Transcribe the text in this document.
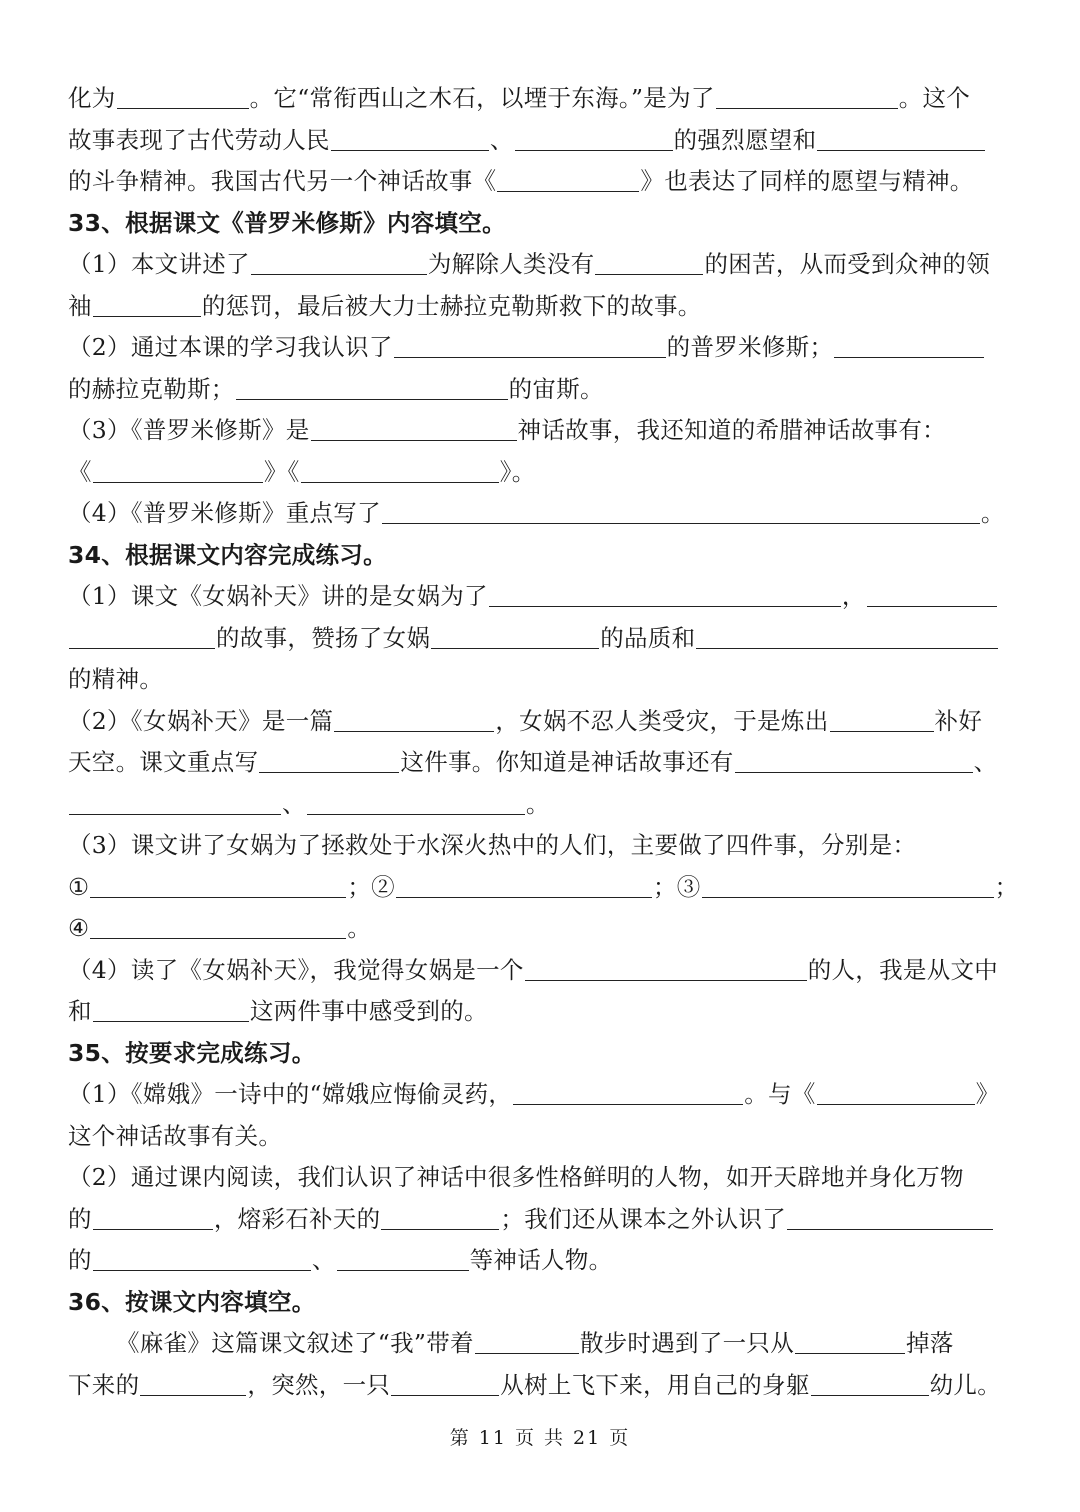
化为	。它“常衔西山之木石，以堙于东海。”是为了	。这个
故事表现了古代劳动人民	、	的强烈愿望和
的斗争精神。我国古代另一个神话故事《	》也表达了同样的愿望与精神。
33、根据课文《普罗米修斯》内容填空。
（1）本文讲述了	为解除人类没有	的困苦，从而受到众神的领
袖	的惩罚，最后被大力士赫拉克勒斯救下的故事。
（2）通过本课的学习我认识了	的普罗米修斯；
的赫拉克勒斯；	的宙斯。
（3）《普罗米修斯》是	神话故事，我还知道的希腊神话故事有：
《	》《	》。
（4）《普罗米修斯》重点写了	。
34、根据课文内容完成练习。
（1）课文《女娲补天》讲的是女娲为了	，
的故事，赞扬了女娲	的品质和
的精神。
（2）《女娲补天》是一篇	，女娲不忍人类受灾，于是炼出	补好
天空。课文重点写	这件事。你知道是神话故事还有	、
、	。
（3）课文讲了女娲为了拯救处于水深火热中的人们，主要做了四件事，分别是：
①	；②	；③	；
④	。
（4）读了《女娲补天》，我觉得女娲是一个	的人，我是从文中
和	这两件事中感受到的。
35、按要求完成练习。
（1）《嫦娥》一诗中的“嫦娥应悔偷灵药，	。与《	》
这个神话故事有关。
（2）通过课内阅读，我们认识了神话中很多性格鲜明的人物，如开天辟地并身化万物
的	，熔彩石补天的	；我们还从课本之外认识了
的	、	等神话人物。
36、按课文内容填空。
《麻雀》这篇课文叙述了“我”带着	散步时遇到了一只从	掉落
下来的	，突然，一只	从树上飞下来，用自己的身躯	幼儿。
第 11 页 共 21 页
